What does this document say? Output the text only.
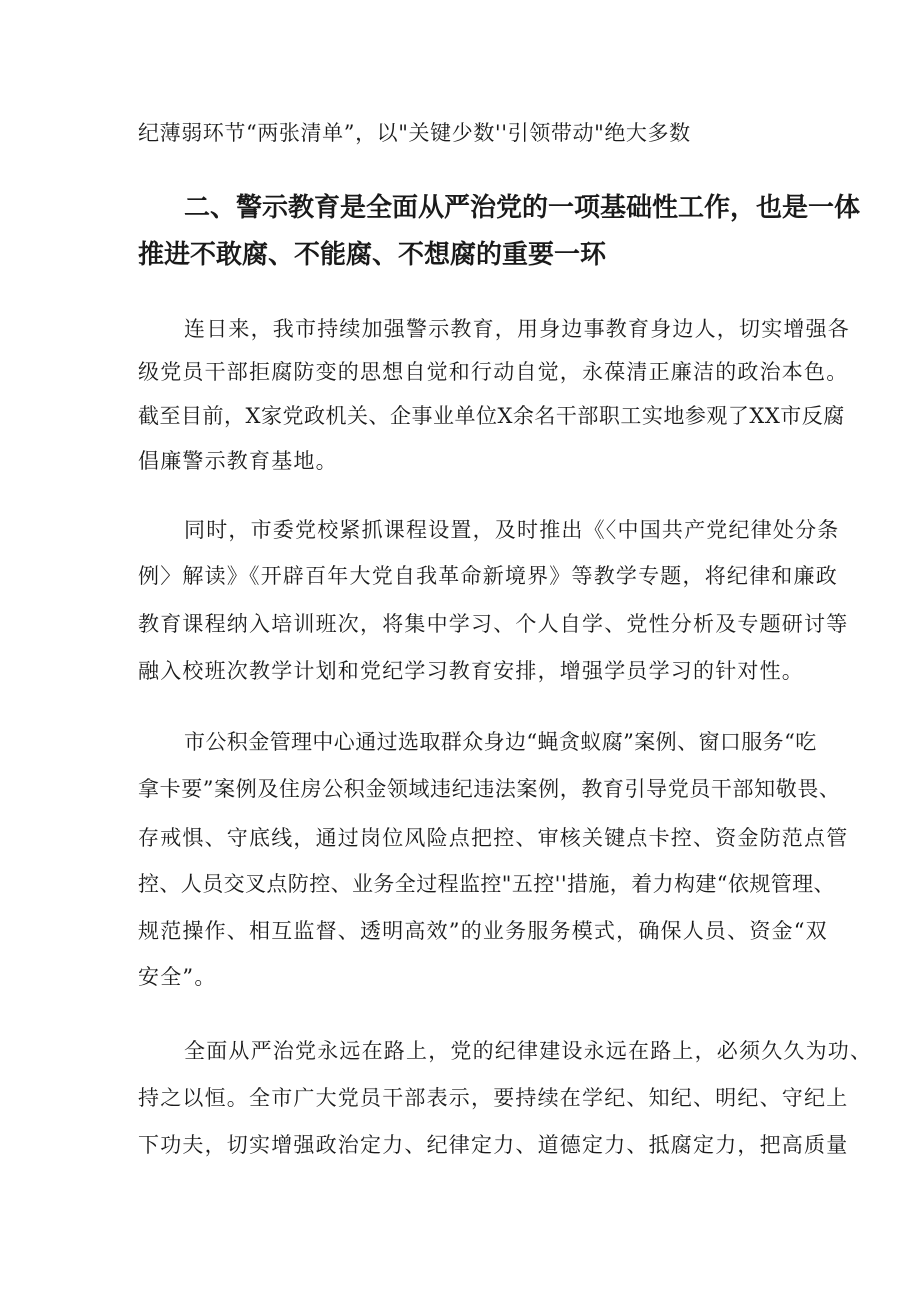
纪薄弱环节“两张清单”，以"关键少数''引领带动"绝大多数
二、警示教育是全面从严治党的一项基础性工作，也是一体
推进不敢腐、不能腐、不想腐的重要一环
连日来，我市持续加强警示教育，用身边事教育身边人，切实增强各
级党员干部拒腐防变的思想自觉和行动自觉，永葆清正廉洁的政治本色。
截至目前，X家党政机关、企事业单位X余名干部职工实地参观了XX市反腐
倡廉警示教育基地。
同时，市委党校紧抓课程设置，及时推出《〈中国共产党纪律处分条
例〉解读》《开辟百年大党自我革命新境界》等教学专题，将纪律和廉政
教育课程纳入培训班次，将集中学习、个人自学、党性分析及专题研讨等
融入校班次教学计划和党纪学习教育安排，增强学员学习的针对性。
市公积金管理中心通过选取群众身边“蝇贪蚁腐”案例、窗口服务“吃
拿卡要”案例及住房公积金领域违纪违法案例，教育引导党员干部知敬畏、
存戒惧、守底线，通过岗位风险点把控、审核关键点卡控、资金防范点管
控、人员交叉点防控、业务全过程监控"五控''措施，着力构建“依规管理、
规范操作、相互监督、透明高效”的业务服务模式，确保人员、资金“双
安全”。
全面从严治党永远在路上，党的纪律建设永远在路上，必须久久为功、
持之以恒。全市广大党员干部表示，要持续在学纪、知纪、明纪、守纪上
下功夫，切实增强政治定力、纪律定力、道德定力、抵腐定力，把高质量
